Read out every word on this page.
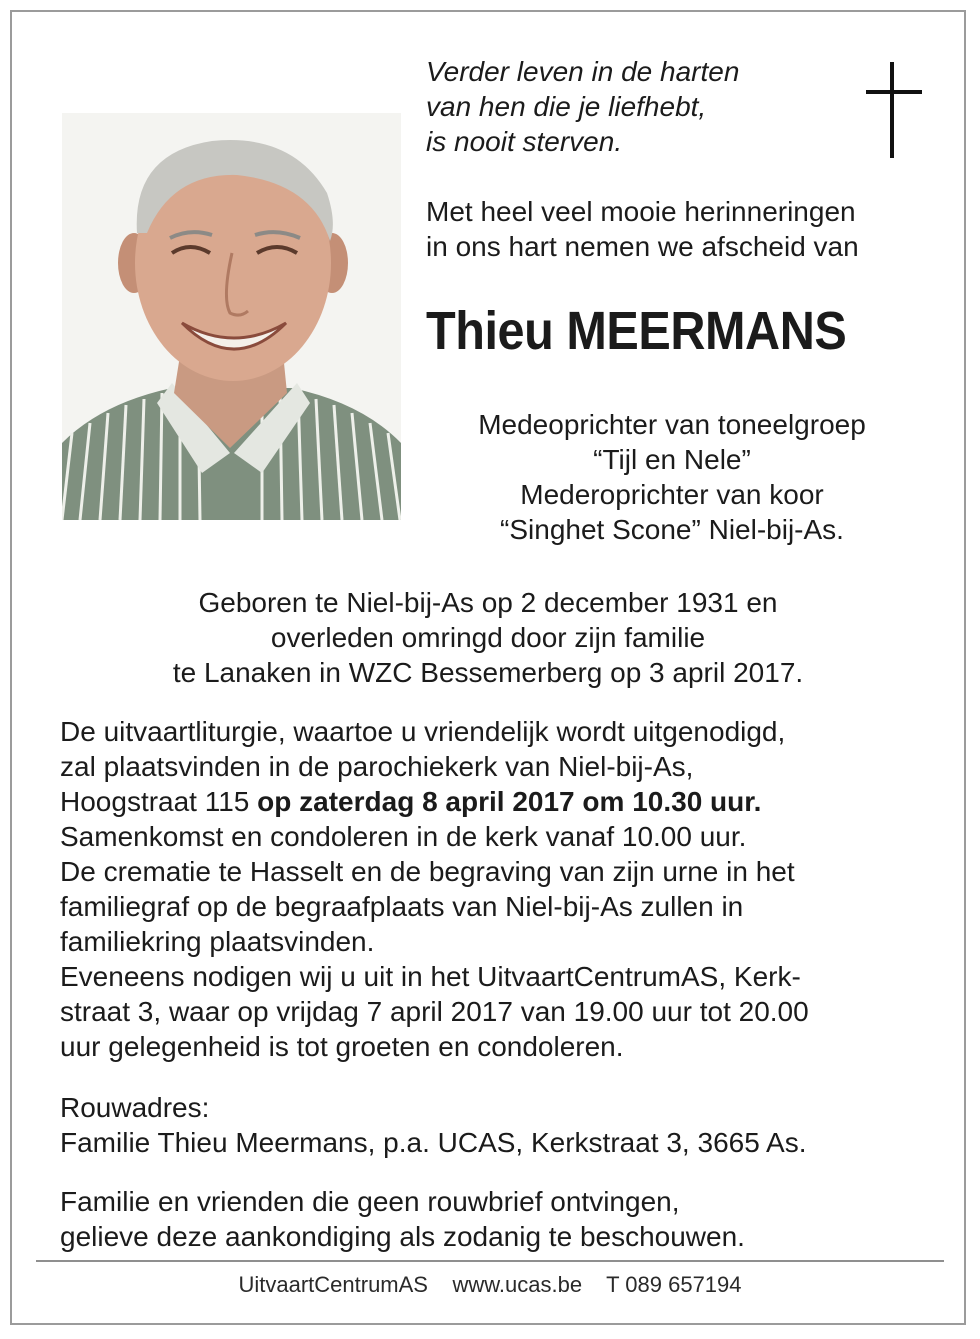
Verder leven in de harten
van hen die je liefhebt,
is nooit sterven.

Met heel veel mooie herinneringen
in ons hart nemen we afscheid van

Thieu MEERMANS

Medeoprichter van toneelgroep
“Tijl en Nele”
Mederoprichter van koor
“Singhet Scone” Niel-bij-As.

Geboren te Niel-bij-As op 2 december 1931 en
overleden omringd door zijn familie
te Lanaken in WZC Bessemerberg op 3 april 2017.

De uitvaartliturgie, waartoe u vriendelijk wordt uitgenodigd,
zal plaatsvinden in de parochiekerk van Niel-bij-As,
Hoogstraat 115 op zaterdag 8 april 2017 om 10.30 uur.
Samenkomst en condoleren in de kerk vanaf 10.00 uur.
De crematie te Hasselt en de begraving van zijn urne in het
familiegraf op de begraafplaats van Niel-bij-As zullen in
familiekring plaatsvinden.
Eveneens nodigen wij u uit in het UitvaartCentrumAS, Kerk-
straat 3, waar op vrijdag 7 april 2017 van 19.00 uur tot 20.00
uur gelegenheid is tot groeten en condoleren.

Rouwadres:
Familie Thieu Meermans, p.a. UCAS, Kerkstraat 3, 3665 As.

Familie en vrienden die geen rouwbrief ontvingen,
gelieve deze aankondiging als zodanig te beschouwen.

UitvaartCentrumAS www.ucas.be T 089 657194
